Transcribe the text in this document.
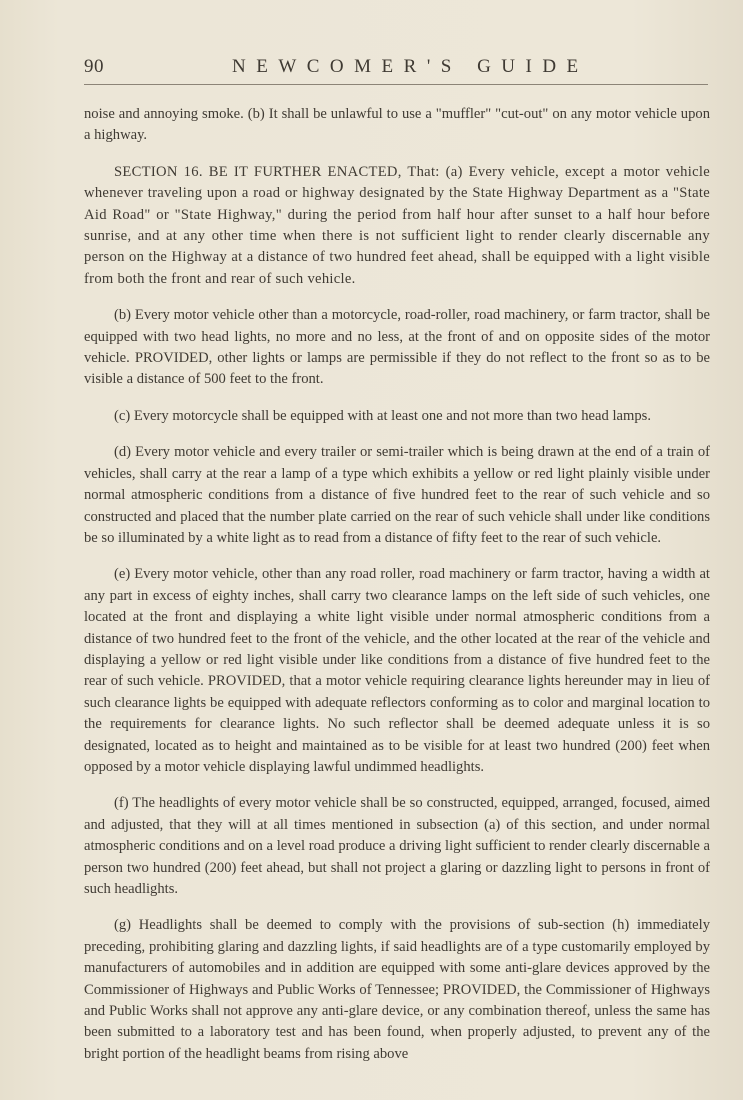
90	NEWCOMER'S GUIDE

noise and annoying smoke. (b) It shall be unlawful to use a "muffler" "cut-out" on any motor vehicle upon a highway.

SECTION 16. BE IT FURTHER ENACTED, That: (a) Every vehicle, except a motor vehicle whenever traveling upon a road or highway designated by the State Highway Department as a "State Aid Road" or "State Highway," during the period from half hour after sunset to a half hour before sunrise, and at any other time when there is not sufficient light to render clearly discernable any person on the Highway at a distance of two hundred feet ahead, shall be equipped with a light visible from both the front and rear of such vehicle.

(b) Every motor vehicle other than a motorcycle, road-roller, road machinery, or farm tractor, shall be equipped with two head lights, no more and no less, at the front of and on opposite sides of the motor vehicle. PROVIDED, other lights or lamps are permissible if they do not reflect to the front so as to be visible a distance of 500 feet to the front.

(c) Every motorcycle shall be equipped with at least one and not more than two head lamps.

(d) Every motor vehicle and every trailer or semi-trailer which is being drawn at the end of a train of vehicles, shall carry at the rear a lamp of a type which exhibits a yellow or red light plainly visible under normal atmospheric conditions from a distance of five hundred feet to the rear of such vehicle and so constructed and placed that the number plate carried on the rear of such vehicle shall under like conditions be so illuminated by a white light as to read from a distance of fifty feet to the rear of such vehicle.

(e) Every motor vehicle, other than any road roller, road machinery or farm tractor, having a width at any part in excess of eighty inches, shall carry two clearance lamps on the left side of such vehicles, one located at the front and displaying a white light visible under normal atmospheric conditions from a distance of two hundred feet to the front of the vehicle, and the other located at the rear of the vehicle and displaying a yellow or red light visible under like conditions from a distance of five hundred feet to the rear of such vehicle. PROVIDED, that a motor vehicle requiring clearance lights hereunder may in lieu of such clearance lights be equipped with adequate reflectors conforming as to color and marginal location to the requirements for clearance lights. No such reflector shall be deemed adequate unless it is so designated, located as to height and maintained as to be visible for at least two hundred (200) feet when opposed by a motor vehicle displaying lawful undimmed headlights.

(f) The headlights of every motor vehicle shall be so constructed, equipped, arranged, focused, aimed and adjusted, that they will at all times mentioned in subsection (a) of this section, and under normal atmospheric conditions and on a level road produce a driving light sufficient to render clearly discernable a person two hundred (200) feet ahead, but shall not project a glaring or dazzling light to persons in front of such headlights.

(g) Headlights shall be deemed to comply with the provisions of sub-section (h) immediately preceding, prohibiting glaring and dazzling lights, if said headlights are of a type customarily employed by manufacturers of automobiles and in addition are equipped with some anti-glare devices approved by the Commissioner of Highways and Public Works of Tennessee; PROVIDED, the Commissioner of Highways and Public Works shall not approve any anti-glare device, or any combination thereof, unless the same has been submitted to a laboratory test and has been found, when properly adjusted, to prevent any of the bright portion of the headlight beams from rising above
